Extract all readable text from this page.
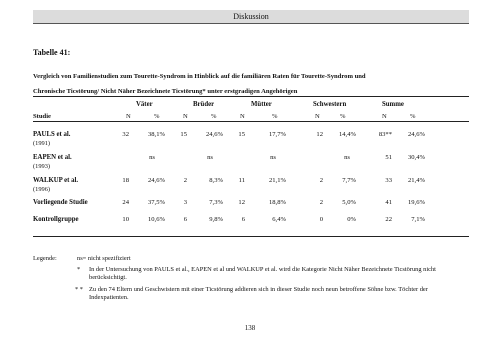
Diskussion
Tabelle 41:
Vergleich von Familienstudien zum Tourette-Syndrom in Hinblick auf die familiären Raten für Tourette-Syndrom und
Chronische Ticstörung/ Nicht Näher Bezeichnete Ticstörung* unter erstgradigen Angehörigen
Väter	Brüder	Mütter	Schwestern	Summe
Studie	N	%	N	%	N	%	N	%	N	%
PAULS et al.
(1991)
32	38,1% 15	24,6% 15	17,7%	12 14,4%	83** 24,6%
EAPEN et al.
(1993)
ns	ns	ns	ns	51 30,4%
WALKUP et al.
(1996)
18	24,6%	2	8,3% 11	21,1%	2	7,7%	33 21,4%
Vorliegende Studie	24	37,5%	3	7,3% 12	18,8%	2	5,0%	41 19,6%
Kontrollgruppe	10	10,6%	6	9,8%	6	6,4%	0	0%	22	7,1%
Legende:	ns= nicht spezifiziert
* In der Untersuchung von PAULS et al., EAPEN et al und WALKUP et al. wird die Kategorie Nicht Näher Bezeichnete Ticstörung nicht berücksichtigt.
* * Zu den 74 Eltern und Geschwistern mit einer Ticstörung addieren sich in dieser Studie noch neun betroffene Söhne bzw. Töchter der Indexpatienten.
138
